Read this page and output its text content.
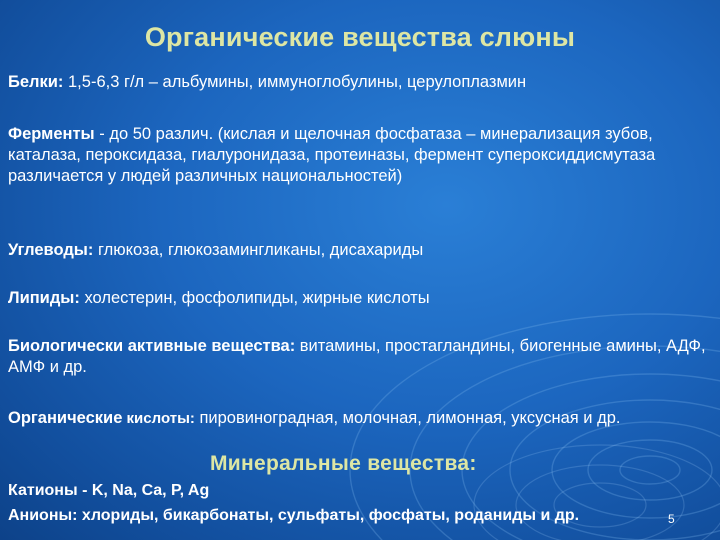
Органические вещества слюны
Белки: 1,5-6,3 г/л – альбумины, иммуноглобулины, церулоплазмин
Ферменты - до 50 различ. (кислая и щелочная фосфатаза – минерализация зубов, каталаза, пероксидаза, гиалуронидаза, протеиназы, фермент супероксиддисмутаза различается у людей различных национальностей)
Углеводы: глюкоза, глюкозамингликаны, дисахариды
Липиды: холестерин, фосфолипиды, жирные кислоты
Биологически активные вещества: витамины, простагландины, биогенные амины, АДФ, АМФ и др.
Органические кислоты: пировиноградная, молочная, лимонная, уксусная и др.
Минеральные вещества:
Катионы - K, Na, Ca, P, Ag
Анионы: хлориды, бикарбонаты, сульфаты, фосфаты, роданиды и др.	5
